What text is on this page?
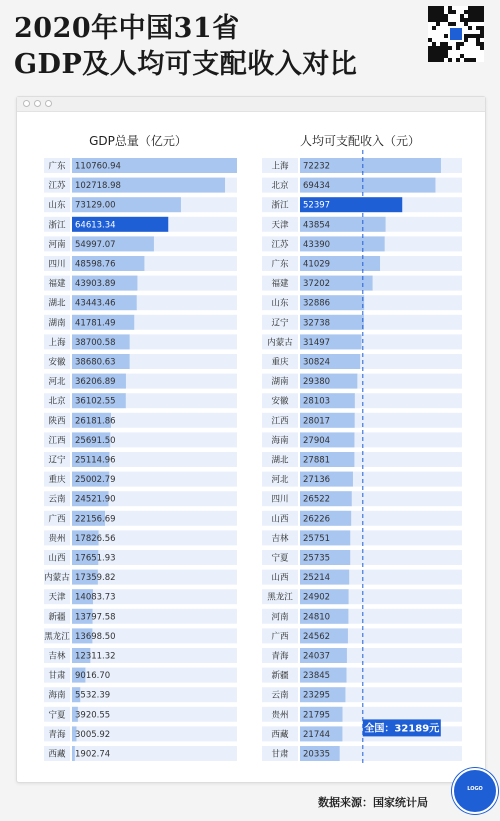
2020年中国31省
GDP及人均可支配收入对比
GDP总量（亿元）
广东 110760.94
江苏 102718.98
山东 73129.00
浙江 64613.34
河南 54997.07
四川 48598.76
福建 43903.89
湖北 43443.46
湖南 41781.49
上海 38700.58
安徽 38680.63
河北 36206.89
北京 36102.55
陕西 26181.86
江西 25691.50
辽宁 25114.96
重庆 25002.79
云南 24521.90
广西 22156.69
贵州 17826.56
山西 17651.93
内蒙古 17359.82
天津 14083.73
新疆 13797.58
黑龙江 13698.50
吉林 12311.32
甘肃 9016.70
海南 5532.39
宁夏 3920.55
青海 3005.92
西藏 1902.74
人均可支配收入（元）
上海 72232
北京 69434
浙江 52397
天津 43854
江苏 43390
广东 41029
福建 37202
山东 32886
辽宁 32738
内蒙古 31497
重庆 30824
湖南 29380
安徽 28103
江西 28017
海南 27904
湖北 27881
河北 27136
四川 26522
山西 26226
吉林 25751
宁夏 25735
山西 25214
黑龙江 24902
河南 24810
广西 24562
青海 24037
新疆 23845
云南 23295
贵州 21795
西藏 21744
甘肃 20335
全国：32189元
数据来源：国家统计局
LOGO
